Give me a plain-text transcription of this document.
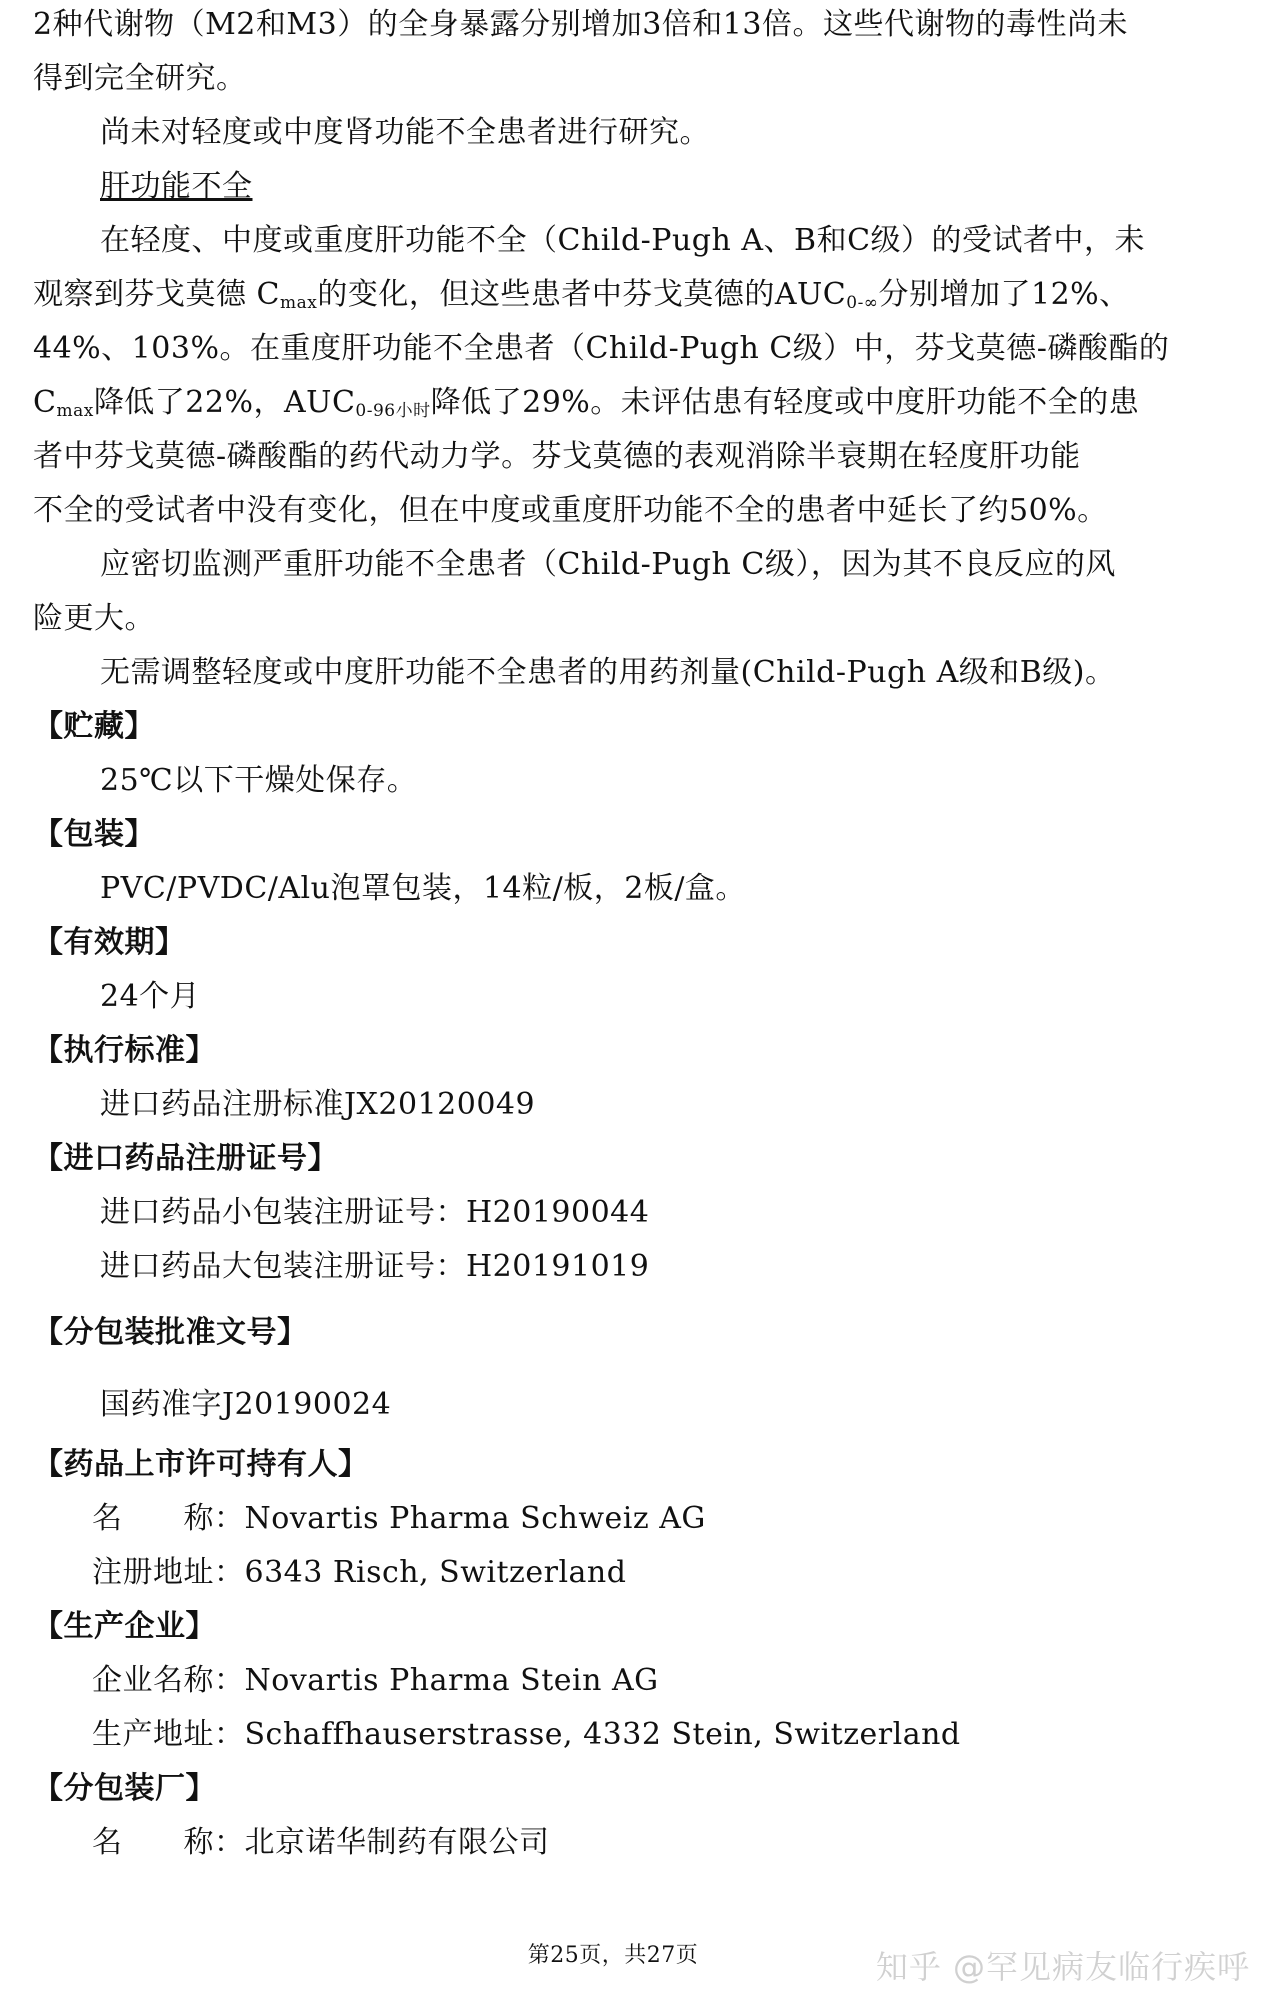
2种代谢物（M2和M3）的全身暴露分别增加3倍和13倍。这些代谢物的毒性尚未
得到完全研究。
尚未对轻度或中度肾功能不全患者进行研究。
肝功能不全
在轻度、中度或重度肝功能不全（Child-Pugh A、B和C级）的受试者中，未
观察到芬戈莫德 $C_{max}$的变化，但这些患者中芬戈莫德的$AUC_{0-\infty}$分别增加了12%、
44%、103%。在重度肝功能不全患者（Child-Pugh C级）中，芬戈莫德-磷酸酯的
$C_{max}$降低了22%，$AUC_{0-96小时}$降低了29%。未评估患有轻度或中度肝功能不全的患
者中芬戈莫德-磷酸酯的药代动力学。芬戈莫德的表观消除半衰期在轻度肝功能
不全的受试者中没有变化，但在中度或重度肝功能不全的患者中延长了约50%。
应密切监测严重肝功能不全患者（Child-Pugh C级），因为其不良反应的风
险更大。
无需调整轻度或中度肝功能不全患者的用药剂量(Child-Pugh A级和B级)。
【贮藏】
25℃以下干燥处保存。
【包装】
PVC/PVDC/Alu泡罩包装，14粒/板，2板/盒。
【有效期】
24个月
【执行标准】
进口药品注册标准JX20120049
【进口药品注册证号】
进口药品小包装注册证号：H20190044
进口药品大包装注册证号：H20191019
【分包装批准文号】
国药准字J20190024
【药品上市许可持有人】
名　　称：Novartis Pharma Schweiz AG
注册地址：6343 Risch, Switzerland
【生产企业】
企业名称：Novartis Pharma Stein AG
生产地址：Schaffhauserstrasse, 4332 Stein, Switzerland
【分包装厂】
名　　称：北京诺华制药有限公司
第25页，共27页	知乎 @罕见病友临行疾呼
